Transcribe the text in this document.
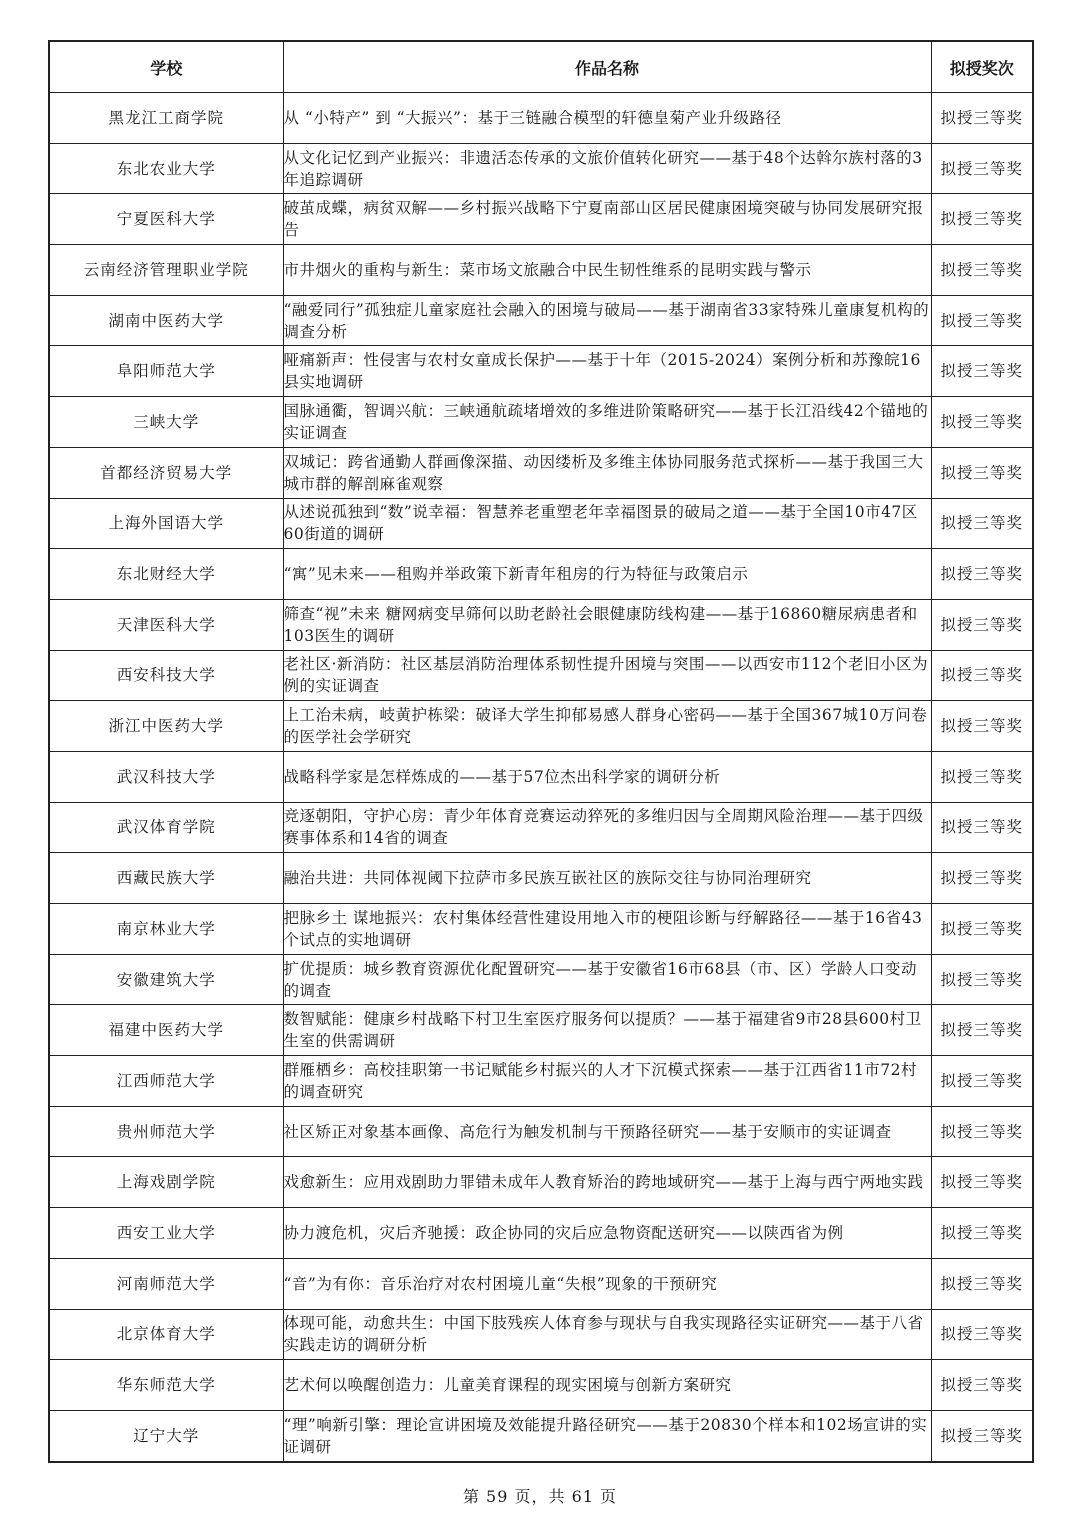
学校	作品名称	拟授奖次
黑龙江工商学院	从 “小特产” 到 “大振兴”：基于三链融合模型的轩德皇菊产业升级路径	拟授三等奖
东北农业大学	从文化记忆到产业振兴：非遗活态传承的文旅价值转化研究——基于48个达斡尔族村落的3年追踪调研	拟授三等奖
宁夏医科大学	破茧成蝶，病贫双解——乡村振兴战略下宁夏南部山区居民健康困境突破与协同发展研究报告	拟授三等奖
云南经济管理职业学院	市井烟火的重构与新生：菜市场文旅融合中民生韧性维系的昆明实践与警示	拟授三等奖
湖南中医药大学	“融爱同行”孤独症儿童家庭社会融入的困境与破局——基于湖南省33家特殊儿童康复机构的调查分析	拟授三等奖
阜阳师范大学	哑痛新声：性侵害与农村女童成长保护——基于十年（2015-2024）案例分析和苏豫皖16县实地调研	拟授三等奖
三峡大学	国脉通衢，智调兴航：三峡通航疏堵增效的多维进阶策略研究——基于长江沿线42个锚地的实证调查	拟授三等奖
首都经济贸易大学	双城记：跨省通勤人群画像深描、动因缕析及多维主体协同服务范式探析——基于我国三大城市群的解剖麻雀观察	拟授三等奖
上海外国语大学	从述说孤独到“数”说幸福：智慧养老重塑老年幸福图景的破局之道——基于全国10市47区60街道的调研	拟授三等奖
东北财经大学	“寓”见未来——租购并举政策下新青年租房的行为特征与政策启示	拟授三等奖
天津医科大学	筛查“视”未来 糖网病变早筛何以助老龄社会眼健康防线构建——基于16860糖尿病患者和103医生的调研	拟授三等奖
西安科技大学	老社区·新消防：社区基层消防治理体系韧性提升困境与突围——以西安市112个老旧小区为例的实证调查	拟授三等奖
浙江中医药大学	上工治未病，岐黄护栋梁：破译大学生抑郁易感人群身心密码——基于全国367城10万问卷的医学社会学研究	拟授三等奖
武汉科技大学	战略科学家是怎样炼成的——基于57位杰出科学家的调研分析	拟授三等奖
武汉体育学院	竞逐朝阳，守护心房：青少年体育竞赛运动猝死的多维归因与全周期风险治理——基于四级赛事体系和14省的调查	拟授三等奖
西藏民族大学	融治共进：共同体视阈下拉萨市多民族互嵌社区的族际交往与协同治理研究	拟授三等奖
南京林业大学	把脉乡土 谋地振兴：农村集体经营性建设用地入市的梗阻诊断与纾解路径——基于16省43个试点的实地调研	拟授三等奖
安徽建筑大学	扩优提质：城乡教育资源优化配置研究——基于安徽省16市68县（市、区）学龄人口变动的调查	拟授三等奖
福建中医药大学	数智赋能：健康乡村战略下村卫生室医疗服务何以提质？——基于福建省9市28县600村卫生室的供需调研	拟授三等奖
江西师范大学	群雁栖乡：高校挂职第一书记赋能乡村振兴的人才下沉模式探索——基于江西省11市72村的调查研究	拟授三等奖
贵州师范大学	社区矫正对象基本画像、高危行为触发机制与干预路径研究——基于安顺市的实证调查	拟授三等奖
上海戏剧学院	戏愈新生：应用戏剧助力罪错未成年人教育矫治的跨地域研究——基于上海与西宁两地实践	拟授三等奖
西安工业大学	协力渡危机，灾后齐驰援：政企协同的灾后应急物资配送研究——以陕西省为例	拟授三等奖
河南师范大学	“音”为有你：音乐治疗对农村困境儿童“失根”现象的干预研究	拟授三等奖
北京体育大学	体现可能，动愈共生：中国下肢残疾人体育参与现状与自我实现路径实证研究——基于八省实践走访的调研分析	拟授三等奖
华东师范大学	艺术何以唤醒创造力：儿童美育课程的现实困境与创新方案研究	拟授三等奖
辽宁大学	“理”响新引擎：理论宣讲困境及效能提升路径研究——基于20830个样本和102场宣讲的实证调研	拟授三等奖
第 59 页，共 61 页
